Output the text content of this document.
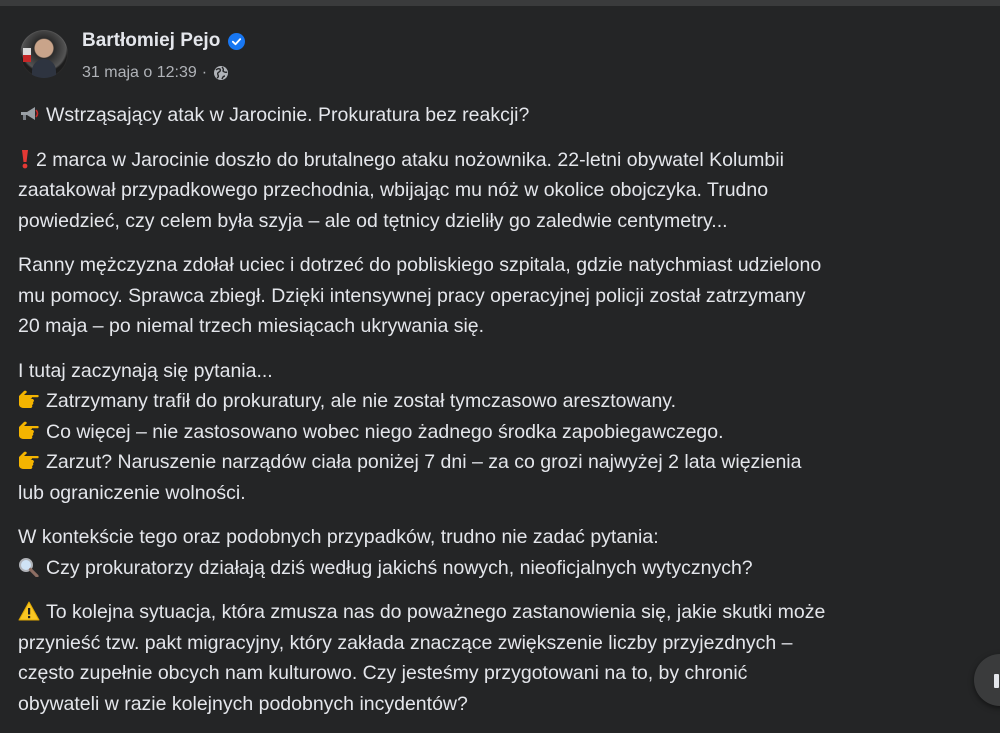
Bartłomiej Pejo
31 maja o 12:39 ·
Wstrząsający atak w Jarocinie. Prokuratura bez reakcji?
2 marca w Jarocinie doszło do brutalnego ataku nożownika. 22-letni obywatel Kolumbii
zaatakował przypadkowego przechodnia, wbijając mu nóż w okolice obojczyka. Trudno
powiedzieć, czy celem była szyja – ale od tętnicy dzieliły go zaledwie centymetry...
Ranny mężczyzna zdołał uciec i dotrzeć do pobliskiego szpitala, gdzie natychmiast udzielono
mu pomocy. Sprawca zbiegł. Dzięki intensywnej pracy operacyjnej policji został zatrzymany
20 maja – po niemal trzech miesiącach ukrywania się.
I tutaj zaczynają się pytania...
Zatrzymany trafił do prokuratury, ale nie został tymczasowo aresztowany.
Co więcej – nie zastosowano wobec niego żadnego środka zapobiegawczego.
Zarzut? Naruszenie narządów ciała poniżej 7 dni – za co grozi najwyżej 2 lata więzienia
lub ograniczenie wolności.
W kontekście tego oraz podobnych przypadków, trudno nie zadać pytania:
Czy prokuratorzy działają dziś według jakichś nowych, nieoficjalnych wytycznych?
To kolejna sytuacja, która zmusza nas do poważnego zastanowienia się, jakie skutki może
przynieść tzw. pakt migracyjny, który zakłada znaczące zwiększenie liczby przyjezdnych –
często zupełnie obcych nam kulturowo. Czy jesteśmy przygotowani na to, by chronić
obywateli w razie kolejnych podobnych incydentów?
